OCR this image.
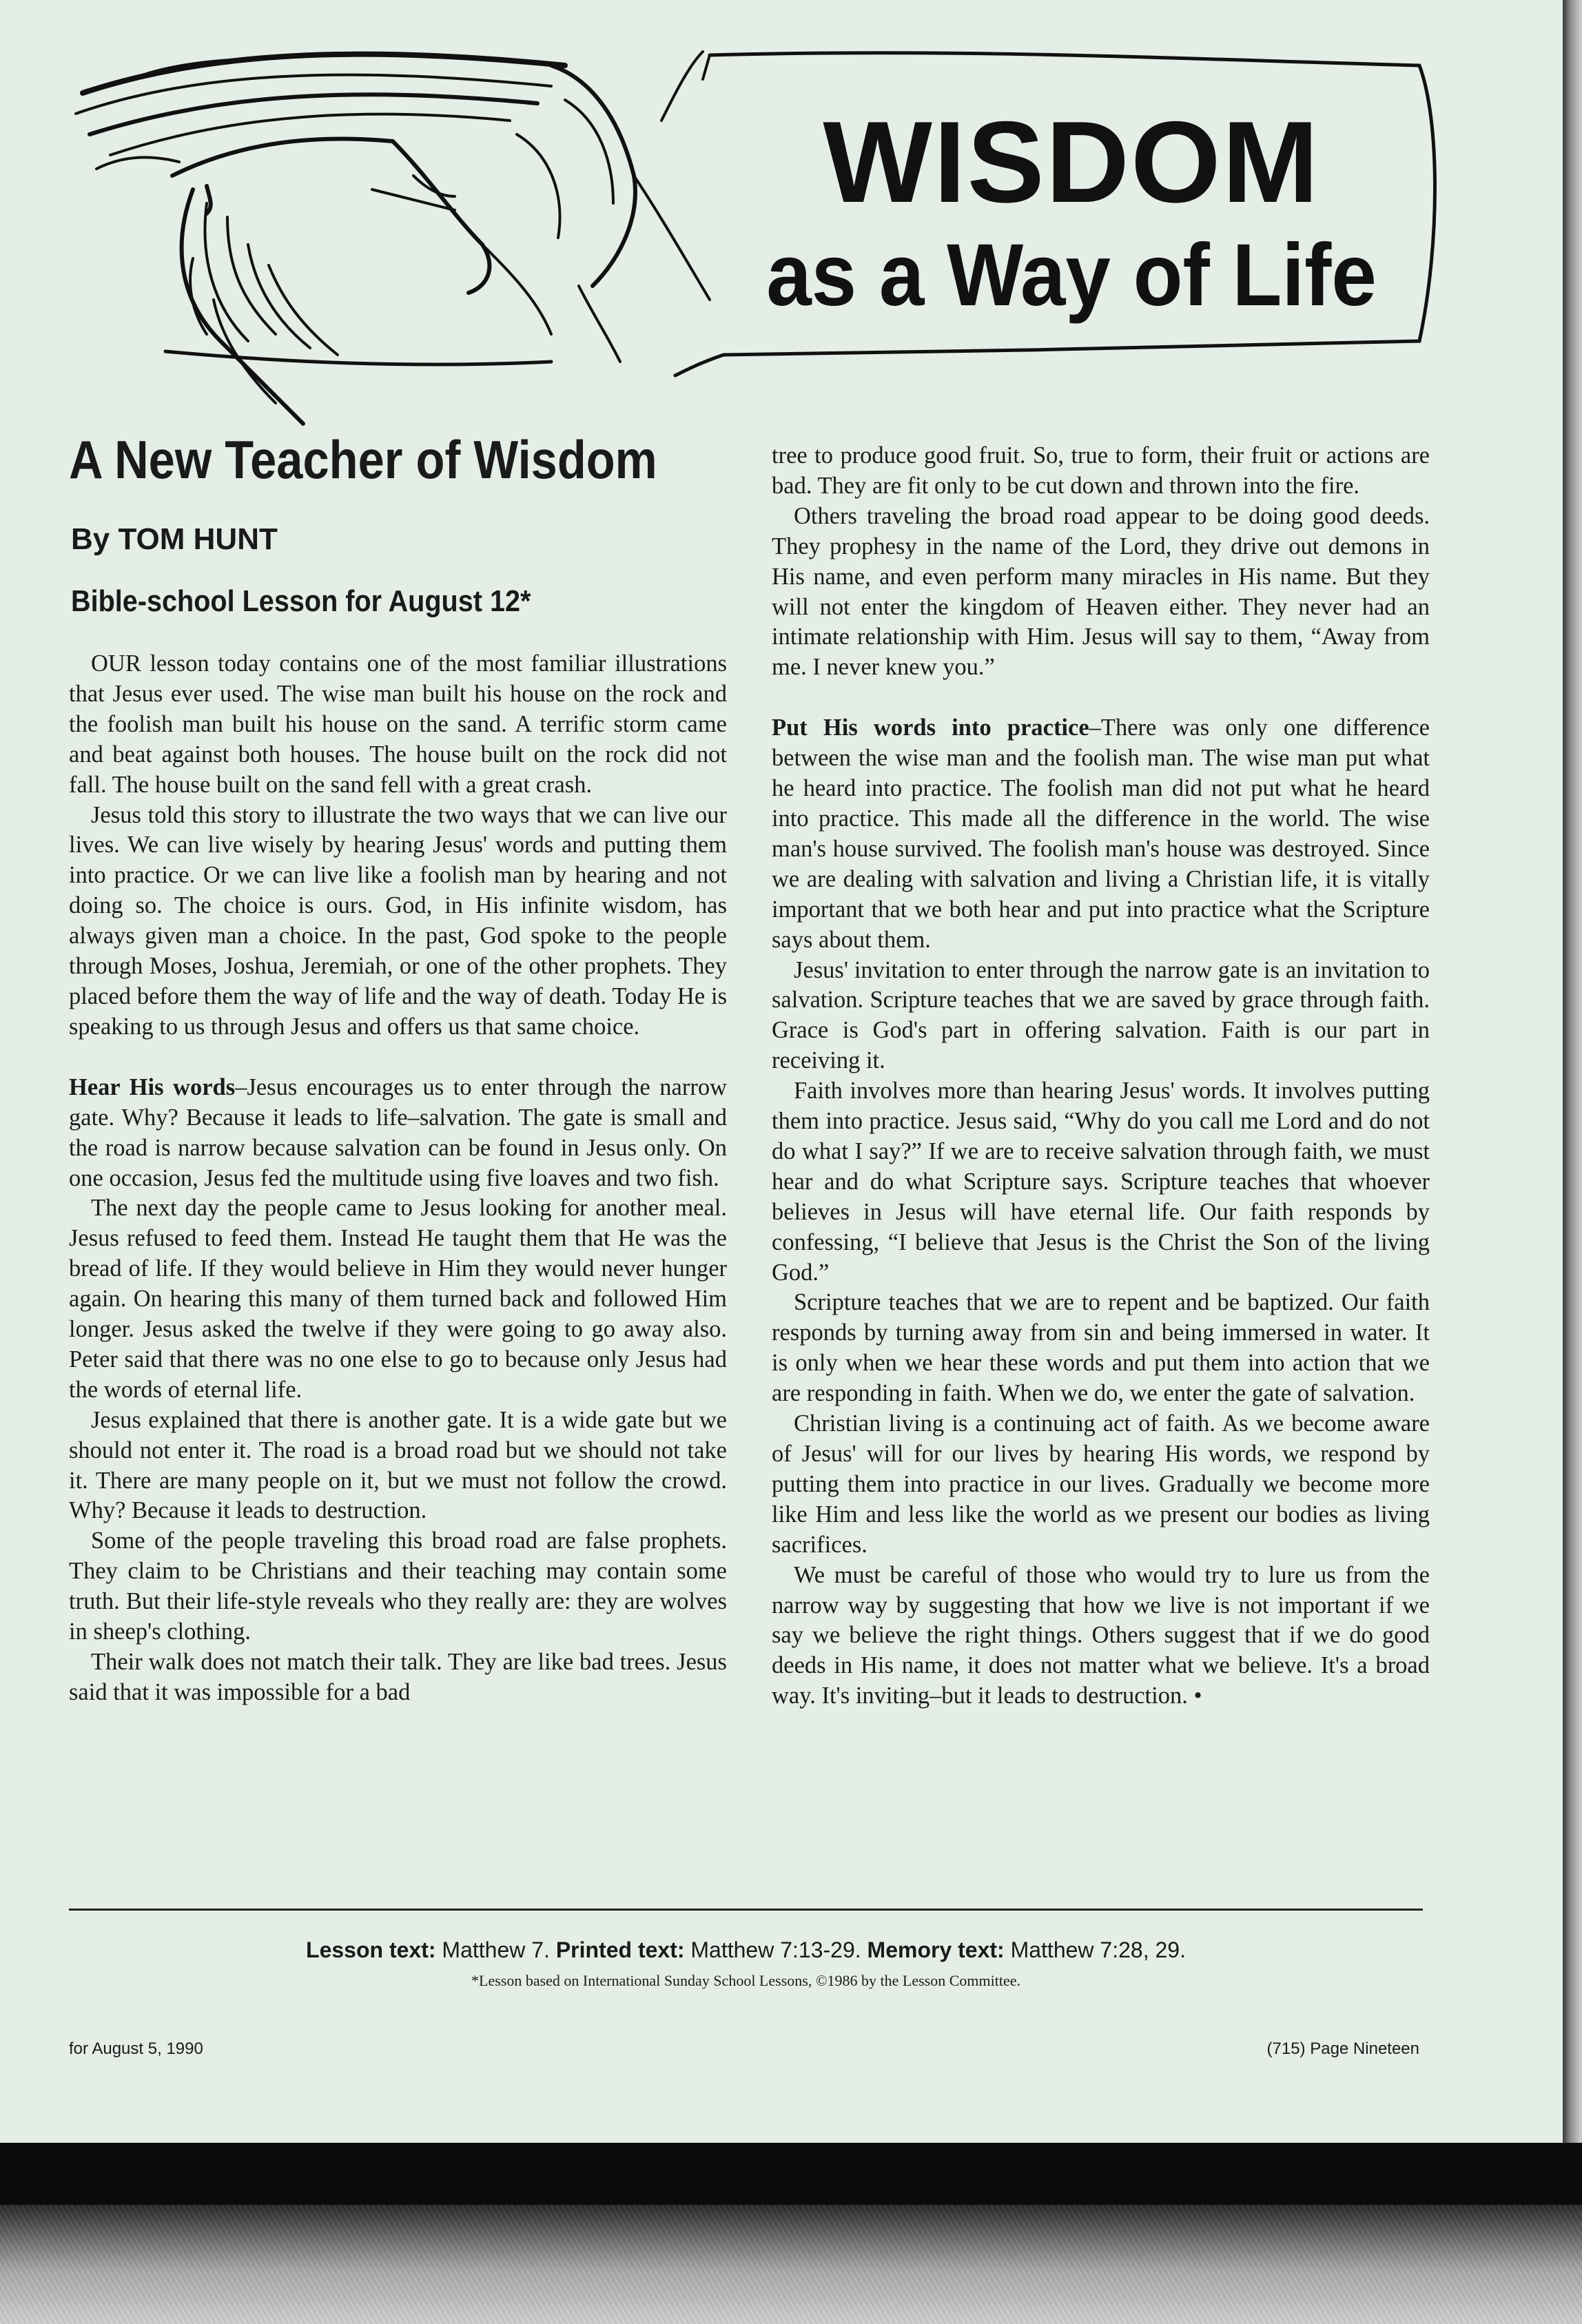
WISDOM
as a Way of Life
A New Teacher of Wisdom
By TOM HUNT
Bible-school Lesson for August 12*

OUR lesson today contains one of the most familiar illustrations that Jesus ever used. The wise man built his house on the rock and the foolish man built his house on the sand. A terrific storm came and beat against both houses. The house built on the rock did not fall. The house built on the sand fell with a great crash.

Jesus told this story to illustrate the two ways that we can live our lives. We can live wisely by hearing Jesus' words and putting them into practice. Or we can live like a foolish man by hearing and not doing so. The choice is ours. God, in His infinite wisdom, has always given man a choice. In the past, God spoke to the people through Moses, Joshua, Jeremiah, or one of the other prophets. They placed before them the way of life and the way of death. Today He is speaking to us through Jesus and offers us that same choice.

Hear His words–Jesus encourages us to enter through the narrow gate. Why? Because it leads to life–salvation. The gate is small and the road is narrow because salvation can be found in Jesus only. On one occasion, Jesus fed the multitude using five loaves and two fish.

The next day the people came to Jesus looking for another meal. Jesus refused to feed them. Instead He taught them that He was the bread of life. If they would believe in Him they would never hunger again. On hearing this many of them turned back and followed Him longer. Jesus asked the twelve if they were going to go away also. Peter said that there was no one else to go to because only Jesus had the words of eternal life.

Jesus explained that there is another gate. It is a wide gate but we should not enter it. The road is a broad road but we should not take it. There are many people on it, but we must not follow the crowd. Why? Because it leads to destruction.

Some of the people traveling this broad road are false prophets. They claim to be Christians and their teaching may contain some truth. But their life-style reveals who they really are: they are wolves in sheep's clothing.

Their walk does not match their talk. They are like bad trees. Jesus said that it was impossible for a bad

tree to produce good fruit. So, true to form, their fruit or actions are bad. They are fit only to be cut down and thrown into the fire.

Others traveling the broad road appear to be doing good deeds. They prophesy in the name of the Lord, they drive out demons in His name, and even perform many miracles in His name. But they will not enter the kingdom of Heaven either. They never had an intimate relationship with Him. Jesus will say to them, “Away from me. I never knew you.”

Put His words into practice–There was only one difference between the wise man and the foolish man. The wise man put what he heard into practice. The foolish man did not put what he heard into practice. This made all the difference in the world. The wise man's house survived. The foolish man's house was destroyed. Since we are dealing with salvation and living a Christian life, it is vitally important that we both hear and put into practice what the Scripture says about them.

Jesus' invitation to enter through the narrow gate is an invitation to salvation. Scripture teaches that we are saved by grace through faith. Grace is God's part in offering salvation. Faith is our part in receiving it.

Faith involves more than hearing Jesus' words. It involves putting them into practice. Jesus said, “Why do you call me Lord and do not do what I say?” If we are to receive salvation through faith, we must hear and do what Scripture says. Scripture teaches that whoever believes in Jesus will have eternal life. Our faith responds by confessing, “I believe that Jesus is the Christ the Son of the living God.”

Scripture teaches that we are to repent and be baptized. Our faith responds by turning away from sin and being immersed in water. It is only when we hear these words and put them into action that we are responding in faith. When we do, we enter the gate of salvation.

Christian living is a continuing act of faith. As we become aware of Jesus' will for our lives by hearing His words, we respond by putting them into practice in our lives. Gradually we become more like Him and less like the world as we present our bodies as living sacrifices.

We must be careful of those who would try to lure us from the narrow way by suggesting that how we live is not important if we say we believe the right things. Others suggest that if we do good deeds in His name, it does not matter what we believe. It's a broad way. It's inviting–but it leads to destruction. •

Lesson text: Matthew 7. Printed text: Matthew 7:13-29. Memory text: Matthew 7:28, 29.
*Lesson based on International Sunday School Lessons, ©1986 by the Lesson Committee.
for August 5, 1990	(715) Page Nineteen
